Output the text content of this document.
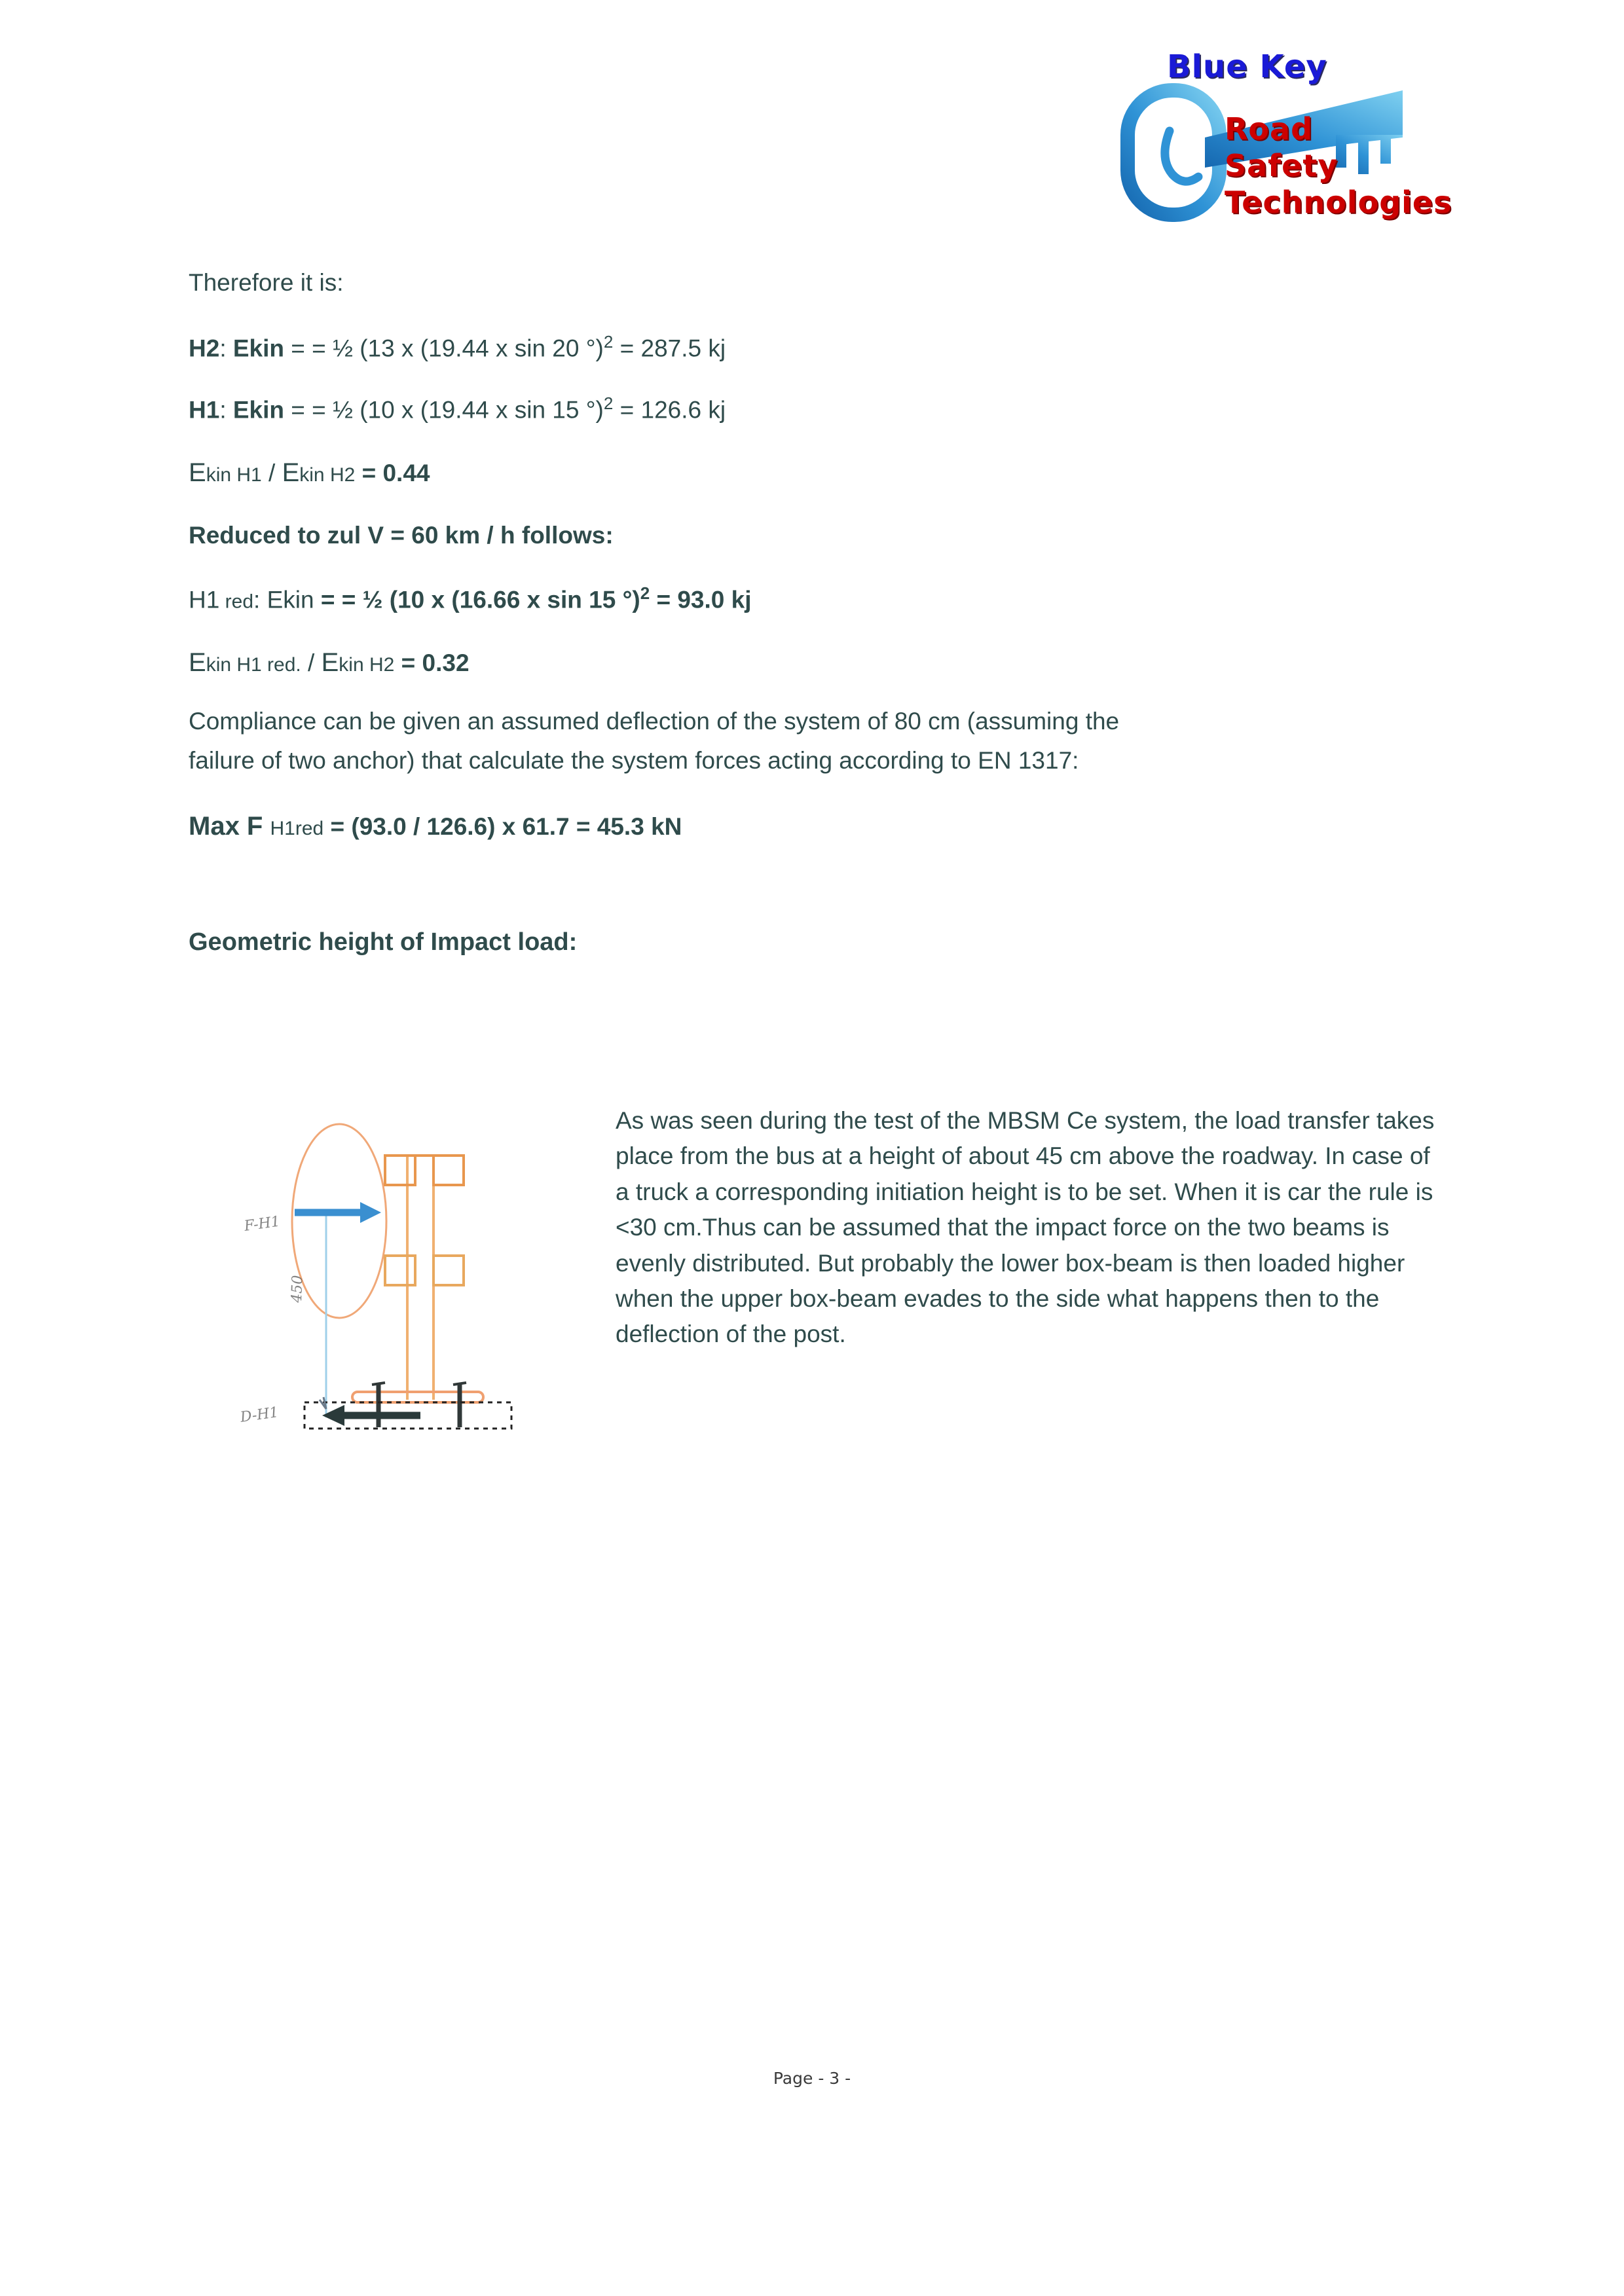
Blue Key
Road
Safety
Technologies
Therefore it is:
H2: Ekin = = ½ (13 x (19.44 x sin 20 °)$^2$ = 287.5 kj
H1: Ekin = = ½ (10 x (19.44 x sin 15 °)$^2$ = 126.6 kj
Ekin H1 / Ekin H2 = 0.44
Reduced to zul V = 60 km / h follows:
H1 red: Ekin = = ½ (10 x (16.66 x sin 15 °)$^2$ = 93.0 kj
Ekin H1 red. / Ekin H2 = 0.32
Compliance can be given an assumed deflection of the system of 80 cm (assuming the
failure of two anchor) that calculate the system forces acting according to EN 1317:
Max F H1red = (93.0 / 126.6) x 61.7 = 45.3 kN
Geometric height of Impact load:
F-H1
450
D-H1
As was seen during the test of the MBSM Ce system, the load transfer takes place from the bus at a height of about 45 cm above the roadway. In case of a truck a corresponding initiation height is to be set. When it is car the rule is <30 cm.Thus can be assumed that the impact force on the two beams is evenly distributed. But probably the lower box-beam is then loaded higher when the upper box-beam evades to the side what happens then to the deflection of the post.
Page - 3 -
